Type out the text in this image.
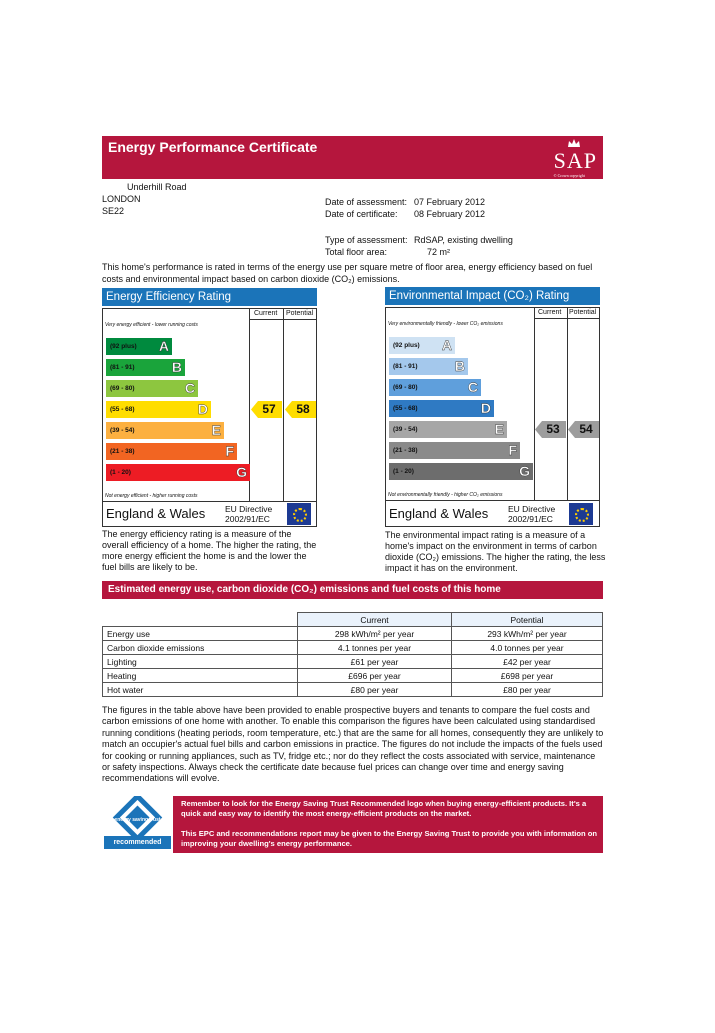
Energy Performance Certificate
SAP
© Crown copyright 2010
Underhill Road
LONDON
SE22
Date of assessment: 07 February 2012
Date of certificate: 08 February 2012
Type of assessment: RdSAP, existing dwelling
Total floor area:	72 m²
This home's performance is rated in terms of the energy use per square metre of floor area, energy efficiency based on fuel costs and environmental impact based on carbon dioxide (CO₂) emissions.
Energy Efficiency Rating
Current Potential
Very energy efficient - lower running costs
Not energy efficient - higher running costs
England & Wales EU Directive
2002/91/EC
(92 plus) A
(81 - 91)	B
(69 - 80)	C
(55 - 68)	D
(39 - 54)	E
(21 - 38)	F
(1 - 20)	G
57	58
The energy efficiency rating is a measure of the overall efficiency of a home. The higher the rating, the more energy efficient the home is and the lower the fuel bills are likely to be.
Environmental Impact (CO₂) Rating
Current Potential
Very environmentally friendly - lower CO₂ emissions
Not environmentally friendly - higher CO₂ emissions
England & Wales EU Directive
2002/91/EC
(92 plus) A
(81 - 91)	B
(69 - 80)	C
(55 - 68)	D
(39 - 54)	E
(21 - 38)	F
(1 - 20)	G
53	54
The environmental impact rating is a measure of a home's impact on the environment in terms of carbon dioxide (CO₂) emissions. The higher the rating, the less impact it has on the environment.
Estimated energy use, carbon dioxide (CO₂) emissions and fuel costs of this home
	Current	Potential
Energy use	298 kWh/m² per year	293 kWh/m² per year
Carbon dioxide emissions	4.1 tonnes per year	4.0 tonnes per year
Lighting	£61 per year	£42 per year
Heating	£696 per year	£698 per year
Hot water	£80 per year	£80 per year
The figures in the table above have been provided to enable prospective buyers and tenants to compare the fuel costs and carbon emissions of one home with another. To enable this comparison the figures have been calculated using standardised running conditions (heating periods, room temperature, etc.) that are the same for all homes, consequently they are unlikely to match an occupier's actual fuel bills and carbon emissions in practice. The figures do not include the impacts of the fuels used for cooking or running appliances, such as TV, fridge etc.; nor do they reflect the costs associated with service, maintenance or safety inspections. Always check the certificate date because fuel prices can change over time and energy saving recommendations will evolve.
energy saving trust
recommended
Remember to look for the Energy Saving Trust Recommended logo when buying energy-efficient products. It's a quick and easy way to identify the most energy-efficient products on the market.
This EPC and recommendations report may be given to the Energy Saving Trust to provide you with information on improving your dwelling's energy performance.
